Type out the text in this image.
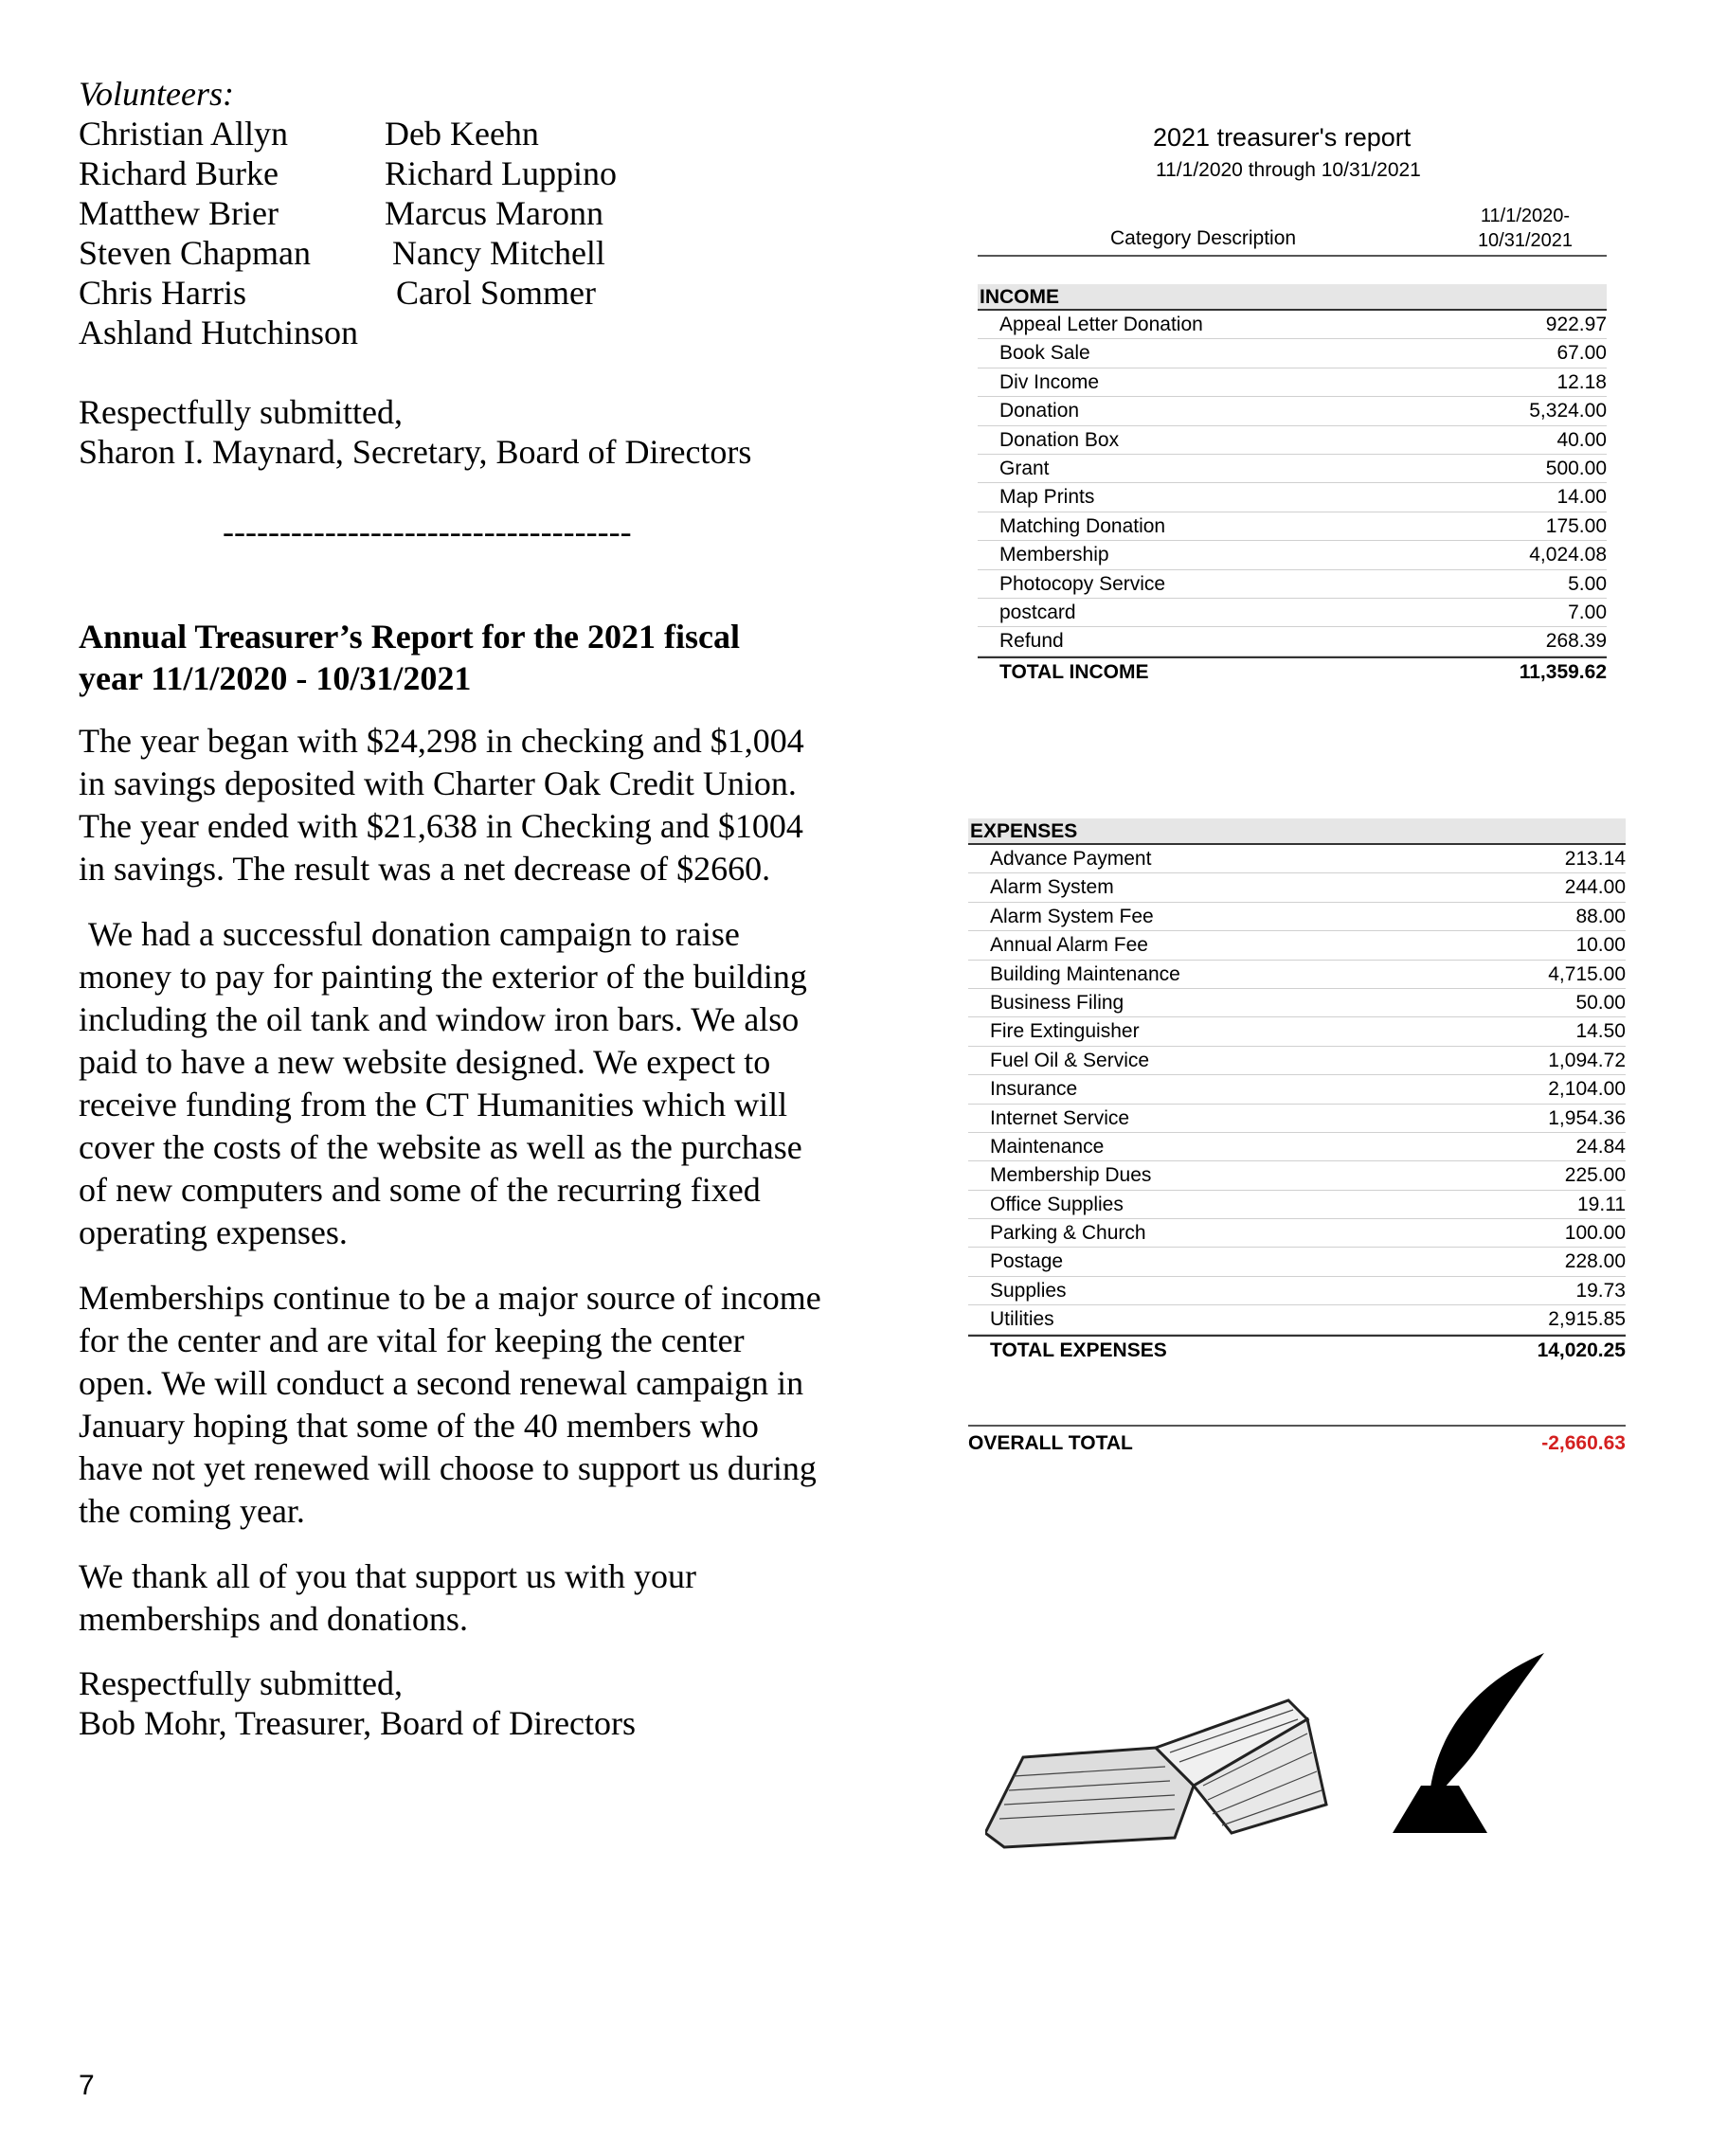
Volunteers:
Christian Allyn	Deb Keehn
Richard Burke	Richard Luppino
Matthew Brier	Marcus Maronn
Steven Chapman	Nancy Mitchell
Chris Harris	Carol Sommer
Ashland Hutchinson
Respectfully submitted,
Sharon I. Maynard, Secretary, Board of Directors
------------------------------------
Annual Treasurer’s Report for the 2021 fiscal
year 11/1/2020 - 10/31/2021

The year began with $24,298 in checking and $1,004 in savings deposited with Charter Oak Credit Union. The year ended with $21,638 in Checking and $1004 in savings. The result was a net decrease of $2660.

We had a successful donation campaign to raise money to pay for painting the exterior of the building including the oil tank and window iron bars. We also paid to have a new website designed. We expect to receive funding from the CT Humanities which will cover the costs of the website as well as the purchase of new computers and some of the recurring fixed operating expenses.

Memberships continue to be a major source of income for the center and are vital for keeping the center open. We will conduct a second renewal campaign in January hoping that some of the 40 members who have not yet renewed will choose to support us during the coming year.

We thank all of you that support us with your memberships and donations.

Respectfully submitted,
Bob Mohr, Treasurer, Board of Directors
7
2021 treasurer's report
11/1/2020 through 10/31/2021
Category Description
11/1/2020-
10/31/2021
INCOME
Appeal Letter Donation	922.97
Book Sale	67.00
Div Income	12.18
Donation	5,324.00
Donation Box	40.00
Grant	500.00
Map Prints	14.00
Matching Donation	175.00
Membership	4,024.08
Photocopy Service	5.00
postcard	7.00
Refund	268.39
TOTAL INCOME	11,359.62
EXPENSES
Advance Payment	213.14
Alarm System	244.00
Alarm System Fee	88.00
Annual Alarm Fee	10.00
Building Maintenance	4,715.00
Business Filing	50.00
Fire Extinguisher	14.50
Fuel Oil & Service	1,094.72
Insurance	2,104.00
Internet Service	1,954.36
Maintenance	24.84
Membership Dues	225.00
Office Supplies	19.11
Parking & Church	100.00
Postage	228.00
Supplies	19.73
Utilities	2,915.85
TOTAL EXPENSES	14,020.25
OVERALL TOTAL	-2,660.63
